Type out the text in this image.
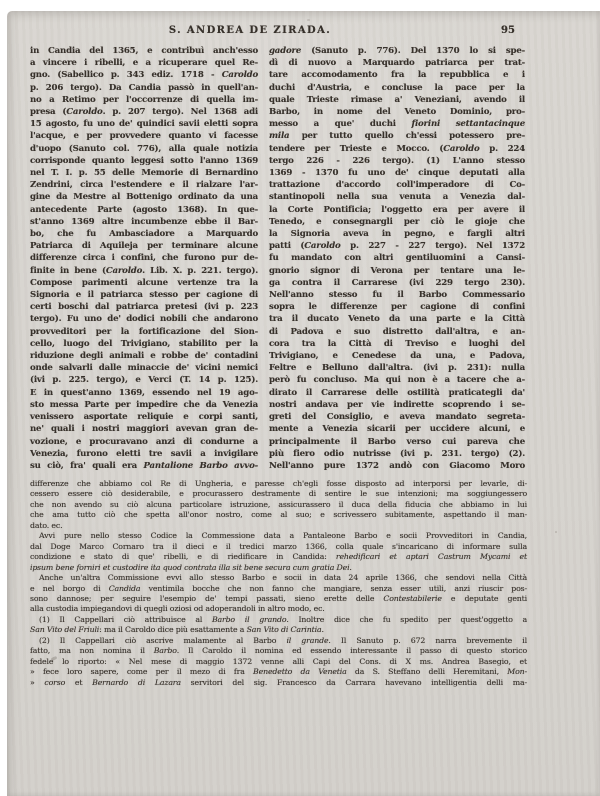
S. ANDREA DE ZIRADA.	95
in Candia del 1365, e contribuì anch'esso
a vincere i ribelli, e a ricuperare quel Re-
gno. (Sabellico p. 343 ediz. 1718 - Caroldo
p. 206 tergo). Da Candia passò in quell'an-
no a Retimo per l'occorrenze di quella im-
presa (Caroldo. p. 207 tergo). Nel 1368 adi
15 agosto, fu uno de' quindici savii eletti sopra
l'acque, e per provvedere quanto vi facesse
d'uopo (Sanuto col. 776), alla quale notizia
corrisponde quanto leggesi sotto l'anno 1369
nel T. I. p. 55 delle Memorie di Bernardino
Zendrini, circa l'estendere e il rialzare l'ar-
gine da Mestre al Bottenigo ordinato da una
antecedente Parte (agosto 1368). In que-
st'anno 1369 altre incumbenze ebbe il Bar-
bo, che fu Ambasciadore a Marquardo
Patriarca di Aquileja per terminare alcune
differenze circa i confini, che furono pur de-
finite in bene (Caroldo. Lib. X. p. 221. tergo).
Compose parimenti alcune vertenze tra la
Signoria e il patriarca stesso per cagione di
certi boschi dal patriarca pretesi (ivi p. 223
tergo). Fu uno de' dodici nobili che andarono
provveditori per la fortificazione del Sion-
cello, luogo del Trivigiano, stabilito per la
riduzione degli animali e robbe de' contadini
onde salvarli dalle minaccie de' vicini nemici
(ivi p. 225. tergo), e Verci (T. 14 p. 125).
E in quest'anno 1369, essendo nel 19 ago-
sto messa Parte per impedire che da Venezia
venissero asportate reliquie e corpi santi,
ne' quali i nostri maggiori avevan gran de-
vozione, e procuravano anzi di condurne a
Venezia, furono eletti tre savii a invigilare
su ciò, fra' quali era Pantalione Barbo avvo-
gadore (Sanuto p. 776). Del 1370 lo si spe-
dì di nuovo a Marquardo patriarca per trat-
tare accomodamento fra la repubblica e i
duchi d'Austria, e concluse la pace per la
quale Trieste rimase a' Veneziani, avendo il
Barbo, in nome del Veneto Dominio, pro-
messo a que' duchi fiorini settantacinque
mila per tutto quello ch'essi potessero pre-
tendere per Trieste e Mocco. (Caroldo p. 224
tergo 226 - 226 tergo). (1) L'anno stesso
1369 - 1370 fu uno de' cinque deputati alla
trattazione d'accordo coll'imperadore di Co-
stantinopoli nella sua venuta a Venezia dal-
la Corte Pontificia; l'oggetto era per avere il
Tenedo, e consegnargli per ciò le gioje che
la Signoria aveva in pegno, e fargli altri
patti (Caroldo p. 227 - 227 tergo). Nel 1372
fu mandato con altri gentiluomini a Cansi-
gnorio signor di Verona per tentare una le-
ga contra il Carrarese (ivi 229 tergo 230).
Nell'anno stesso fu il Barbo Commessario
sopra le differenze per cagione di confini
tra il ducato Veneto da una parte e la Città
di Padova e suo distretto dall'altra, e an-
cora tra la Città di Treviso e luoghi del
Trivigiano, e Cenedese da una, e Padova,
Feltre e Belluno dall'altra. (ivi p. 231): nulla
però fu concluso. Ma qui non è a tacere che a-
dirato il Carrarese delle ostilità praticategli da'
nostri andava per vie indirette scoprendo i se-
greti del Consiglio, e aveva mandato segreta-
mente a Venezia sicarii per uccidere alcuni, e
principalmente il Barbo verso cui pareva che
più fiero odio nutrisse (ivi p. 231. tergo) (2).
Nell'anno pure 1372 andò con Giacomo Moro
differenze che abbiamo col Re di Ungheria, e paresse ch'egli fosse disposto ad interporsi per levarle, di-
cessero essere ciò desiderabile, e procurassero destramente di sentire le sue intenzioni; ma soggiungessero
che non avendo su ciò alcuna particolare istruzione, assicurassero il duca della fiducia che abbiamo in lui
che ama tutto ciò che spetta all'onor nostro, come al suo; e scrivessero subitamente, aspettando il man-
dato. ec.
Avvi pure nello stesso Codice la Commessione data a Pantaleone Barbo e socii Provveditori in Candia,
dal Doge Marco Cornaro tra il dieci e il tredici marzo 1366, colla quale s'incaricano di informare sulla
condizione e stato di que' ribelli, e di riedificare in Candida: rehedificari et aptari Castrum Mycami et
ipsum bene forniri et custodire ita quod contrata illa sit bene secura cum gratia Dei.
Anche un'altra Commissione evvi allo stesso Barbo e socii in data 24 aprile 1366, che sendovi nella Città
e nel borgo di Candida ventimila bocche che non fanno che mangiare, senza esser utili, anzi riuscir pos-
sono dannose; per seguire l'esempio de' tempi passati, sieno erette delle Contestabilerie e deputate genti
alla custodia impiegandovi di quegli oziosi od adoperandoli in altro modo, ec.
(1) Il Cappellari ciò attribuisce al Barbo il grando. Inoltre dice che fu spedito per quest'oggetto a
San Vito del Friuli: ma il Caroldo dice più esattamente a San Vito di Carintia.
(2) Il Cappellari ciò ascrive malamente al Barbo il grande. Il Sanuto p. 672 narra brevemente il
fatto, ma non nomina il Barbo. Il Caroldo il nomina ed essendo interessante il passo di questo storico
fedele lo riporto: « Nel mese di maggio 1372 venne alli Capi del Cons. di X ms. Andrea Basegio, et
» fece loro sapere, come per il mezo di fra Benedetto da Venetia da S. Steffano delli Heremitani, Mon-
» corso et Bernardo di Lazara servitori del sig. Francesco da Carrara havevano intelligentia delli ma-
